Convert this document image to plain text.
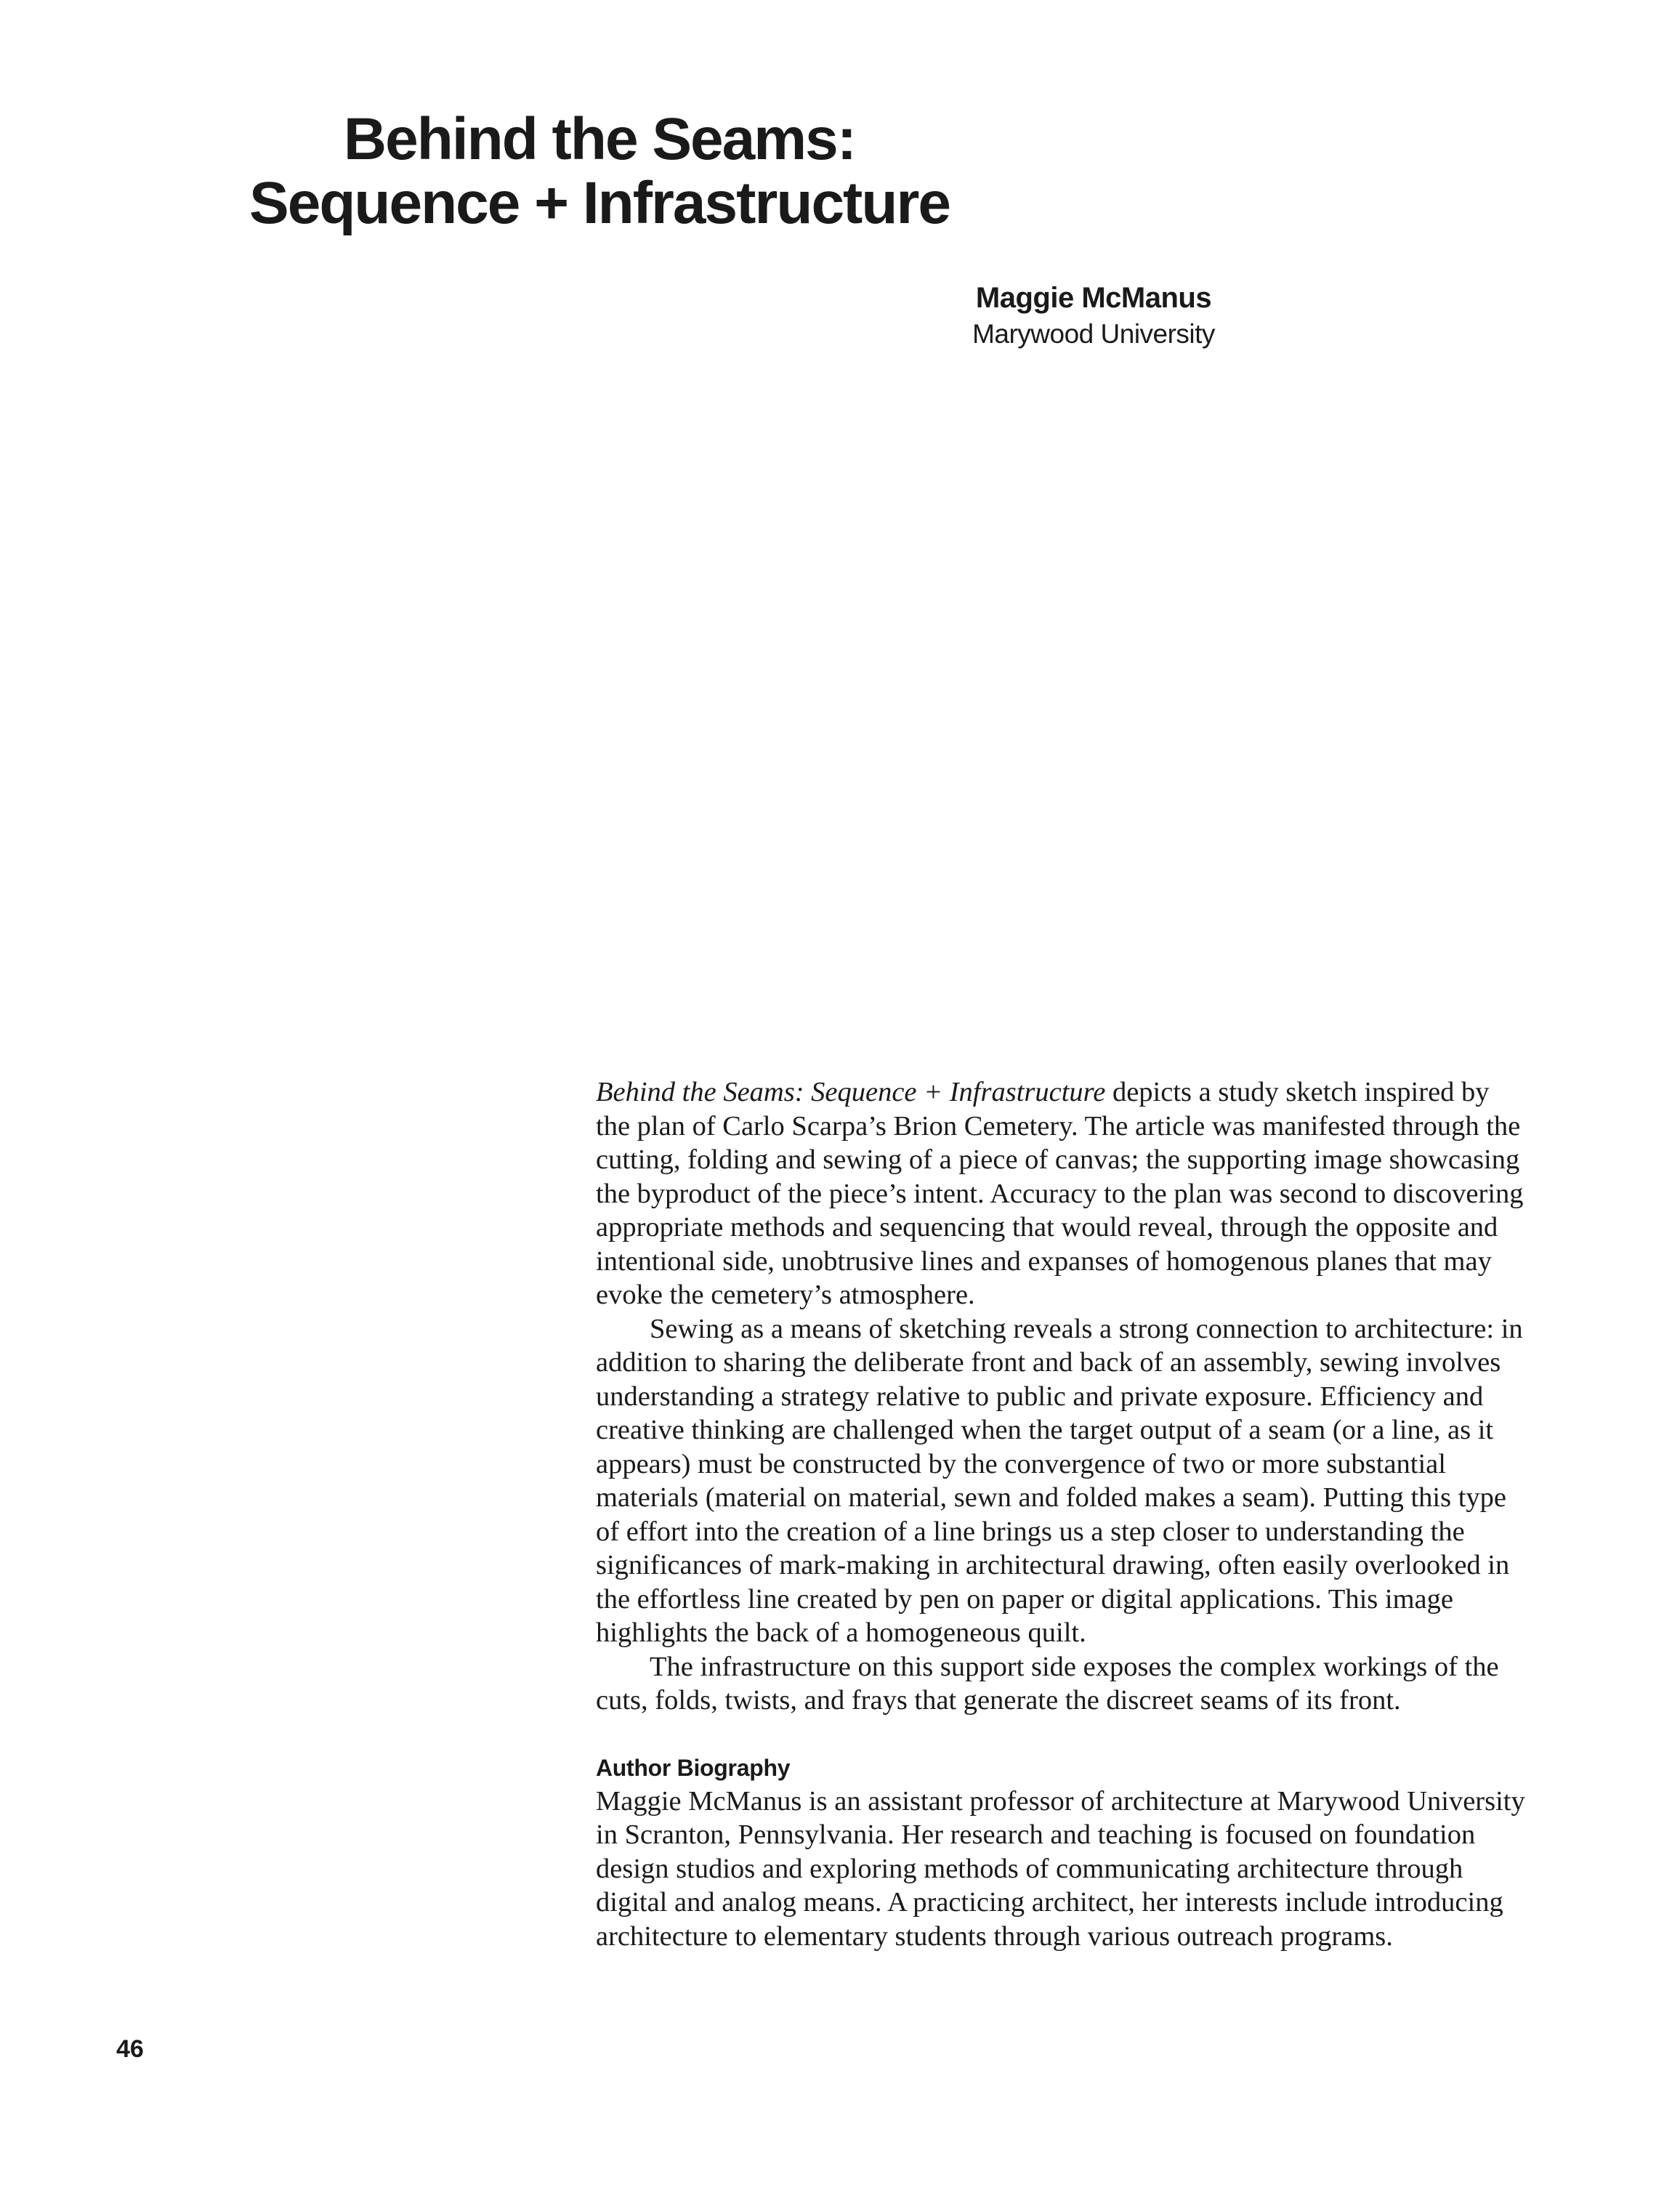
Behind the Seams:
Sequence + Infrastructure
Maggie McManus
Marywood University

Behind the Seams: Sequence + Infrastructure depicts a study sketch inspired by the plan of Carlo Scarpa’s Brion Cemetery. The article was manifested through the cutting, folding and sewing of a piece of canvas; the supporting image showcasing the byproduct of the piece’s intent. Accuracy to the plan was second to discovering appropriate methods and sequencing that would reveal, through the opposite and intentional side, unobtrusive lines and expanses of homogenous planes that may evoke the cemetery’s atmosphere.

Sewing as a means of sketching reveals a strong connection to architecture: in addition to sharing the deliberate front and back of an assembly, sewing involves understanding a strategy relative to public and private exposure. Efficiency and creative thinking are challenged when the target output of a seam (or a line, as it appears) must be constructed by the convergence of two or more substantial materials (material on material, sewn and folded makes a seam). Putting this type of effort into the creation of a line brings us a step closer to understanding the significances of mark-making in architectural drawing, often easily overlooked in the effortless line created by pen on paper or digital applications. This image highlights the back of a homogeneous quilt.

The infrastructure on this support side exposes the complex workings of the cuts, folds, twists, and frays that generate the discreet seams of its front.

Author Biography

Maggie McManus is an assistant professor of architecture at Marywood University in Scranton, Pennsylvania. Her research and teaching is focused on foundation design studios and exploring methods of communicating architecture through digital and analog means. A practicing architect, her interests include introducing architecture to elementary students through various outreach programs.

46
